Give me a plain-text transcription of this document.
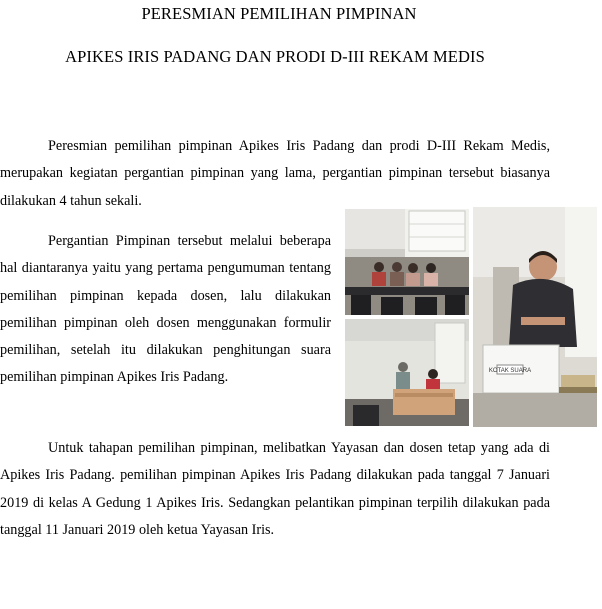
PERESMIAN PEMILIHAN PIMPINAN
APIKES IRIS PADANG DAN PRODI D-III REKAM MEDIS

Peresmian pemilihan pimpinan Apikes Iris Padang dan prodi D-III Rekam Medis, merupakan kegiatan pergantian pimpinan yang lama, pergantian pimpinan tersebut biasanya dilakukan 4 tahun sekali.

Pergantian Pimpinan tersebut melalui beberapa hal diantaranya yaitu yang pertama pengumuman tentang pemilihan pimpinan kepada dosen, lalu dilakukan pemilihan pimpinan oleh dosen menggunakan formulir pemilihan, setelah itu dilakukan penghitungan suara pemilihan pimpinan Apikes Iris Padang.

Untuk tahapan pemilihan pimpinan, melibatkan Yayasan dan dosen tetap yang ada di Apikes Iris Padang. pemilihan pimpinan Apikes Iris Padang dilakukan pada tanggal 7 Januari 2019 di kelas A Gedung 1 Apikes Iris. Sedangkan pelantikan pimpinan terpilih dilakukan pada tanggal 11 Januari 2019 oleh ketua Yayasan Iris.

KOTAK SUARA
